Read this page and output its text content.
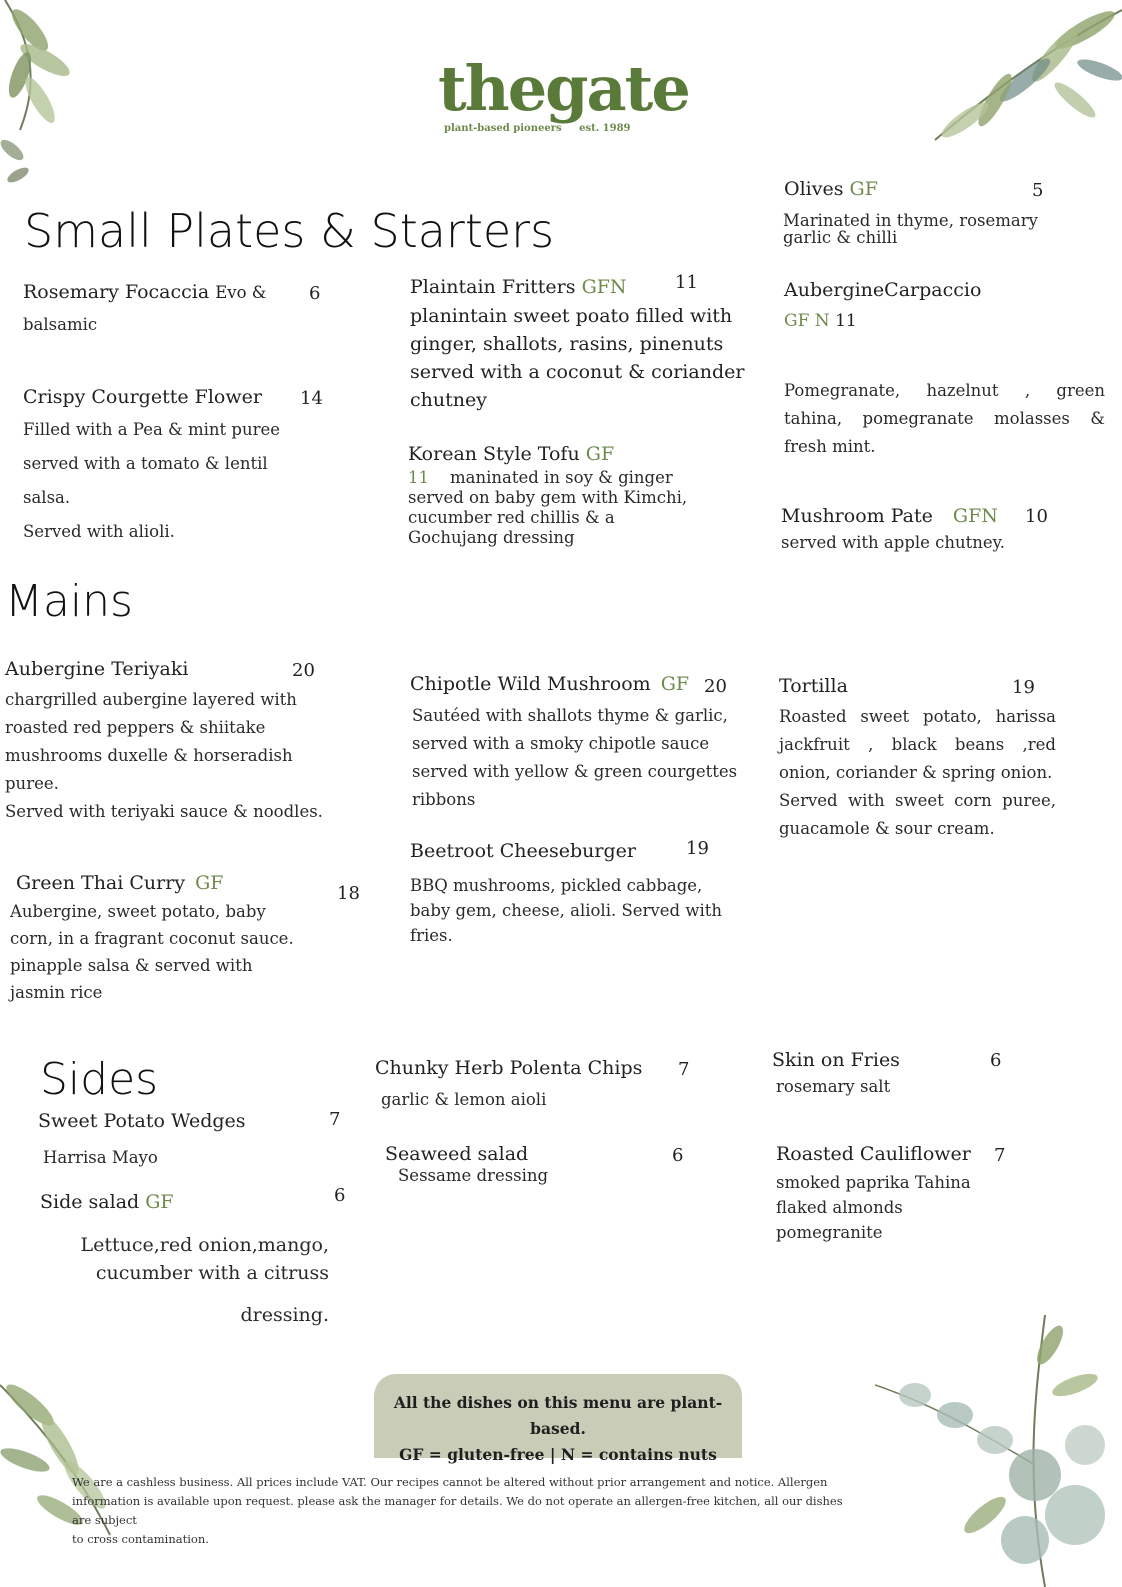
thegate
plant-based pioneers est. 1989
Small Plates & Starters
Mains
Sides
Rosemary Focaccia Evo & 6
balsamic
Crispy Courgette Flower 14
Filled with a Pea & mint puree
served with a tomato & lentil
salsa.
Served with alioli.
Plaintain Fritters GFN	11
planintain sweet poato filled with
ginger, shallots, rasins, pinenuts
served with a coconut & coriander
chutney
Korean Style Tofu GF
11 maninated in soy & ginger
served on baby gem with Kimchi,
cucumber red chillis & a
Gochujang dressing
Olives GF	5
Marinated in thyme, rosemary
garlic & chilli
AubergineCarpaccio
GF N 11
Pomegranate, hazelnut , green
tahina, pomegranate molasses &
fresh mint.
Mushroom Pate GFN 10
served with apple chutney.
Aubergine Teriyaki	20
chargrilled aubergine layered with
roasted red peppers & shiitake
mushrooms duxelle & horseradish
puree.
Served with teriyaki sauce & noodles.
Green Thai Curry GF	18
Aubergine, sweet potato, baby
corn, in a fragrant coconut sauce.
pinapple salsa & served with
jasmin rice
Chipotle Wild Mushroom GF 20
Sautéed with shallots thyme & garlic,
served with a smoky chipotle sauce
served with yellow & green courgettes
ribbons
Beetroot Cheeseburger	19
BBQ mushrooms, pickled cabbage,
baby gem, cheese, alioli. Served with
fries.
Tortilla	19
Roasted sweet potato, harissa
jackfruit , black beans ,red
onion, coriander & spring onion.
Served with sweet corn puree,
guacamole & sour cream.
Sweet Potato Wedges	7
Harrisa Mayo
Side salad GF	6
Lettuce,red onion,mango,
cucumber with a citruss
dressing.
Chunky Herb Polenta Chips 7
garlic & lemon aioli
Seaweed salad	6
Sessame dressing
Skin on Fries	6
rosemary salt
Roasted Cauliflower 7
smoked paprika Tahina
flaked almonds
pomegranite
All the dishes on this menu are plant-based.
GF = gluten-free | N = contains nuts
We are a cashless business. All prices include VAT. Our recipes cannot be altered without prior arrangement and notice. Allergen
information is available upon request. please ask the manager for details. We do not operate an allergen-free kitchen, all our dishes are subject
to cross contamination.
